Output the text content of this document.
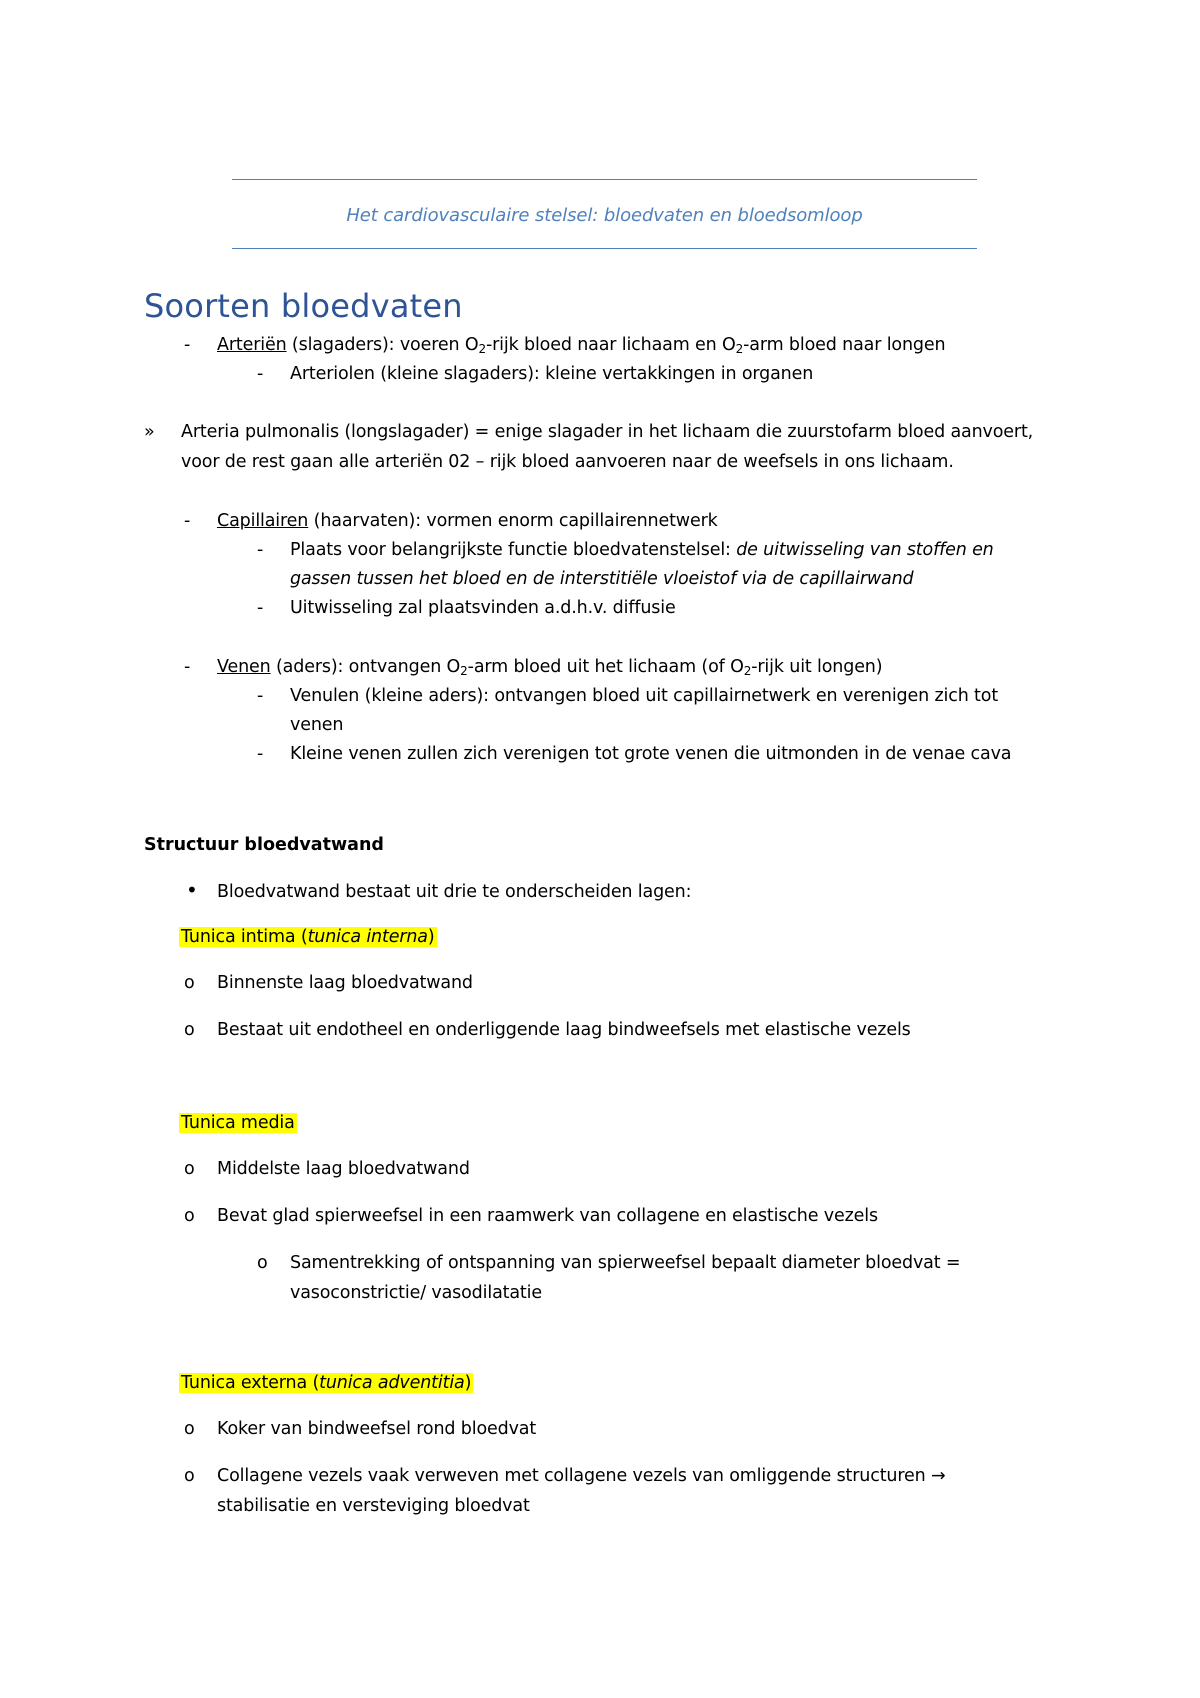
Het cardiovasculaire stelsel: bloedvaten en bloedsomloop
Soorten bloedvaten
- Arteriën (slagaders): voeren $O_2$-rijk bloed naar lichaam en $O_2$-arm bloed naar longen
- Arteriolen (kleine slagaders): kleine vertakkingen in organen
» Arteria pulmonalis (longslagader) = enige slagader in het lichaam die zuurstofarm bloed aanvoert,
voor de rest gaan alle arteriën 02 – rijk bloed aanvoeren naar de weefsels in ons lichaam.
- Capillairen (haarvaten): vormen enorm capillairennetwerk
- Plaats voor belangrijkste functie bloedvatenstelsel: de uitwisseling van stoffen en
gassen tussen het bloed en de interstitiële vloeistof via de capillairwand
- Uitwisseling zal plaatsvinden a.d.h.v. diffusie
- Venen (aders): ontvangen $O_2$-arm bloed uit het lichaam (of $O_2$-rijk uit longen)
- Venulen (kleine aders): ontvangen bloed uit capillairnetwerk en verenigen zich tot
venen
- Kleine venen zullen zich verenigen tot grote venen die uitmonden in de venae cava
Structuur bloedvatwand
• Bloedvatwand bestaat uit drie te onderscheiden lagen:
Tunica intima (tunica interna)
o Binnenste laag bloedvatwand
o Bestaat uit endotheel en onderliggende laag bindweefsels met elastische vezels
Tunica media
o Middelste laag bloedvatwand
o Bevat glad spierweefsel in een raamwerk van collagene en elastische vezels
o Samentrekking of ontspanning van spierweefsel bepaalt diameter bloedvat =
vasoconstrictie/ vasodilatatie
Tunica externa (tunica adventitia)
o Koker van bindweefsel rond bloedvat
o Collagene vezels vaak verweven met collagene vezels van omliggende structuren →
stabilisatie en versteviging bloedvat
